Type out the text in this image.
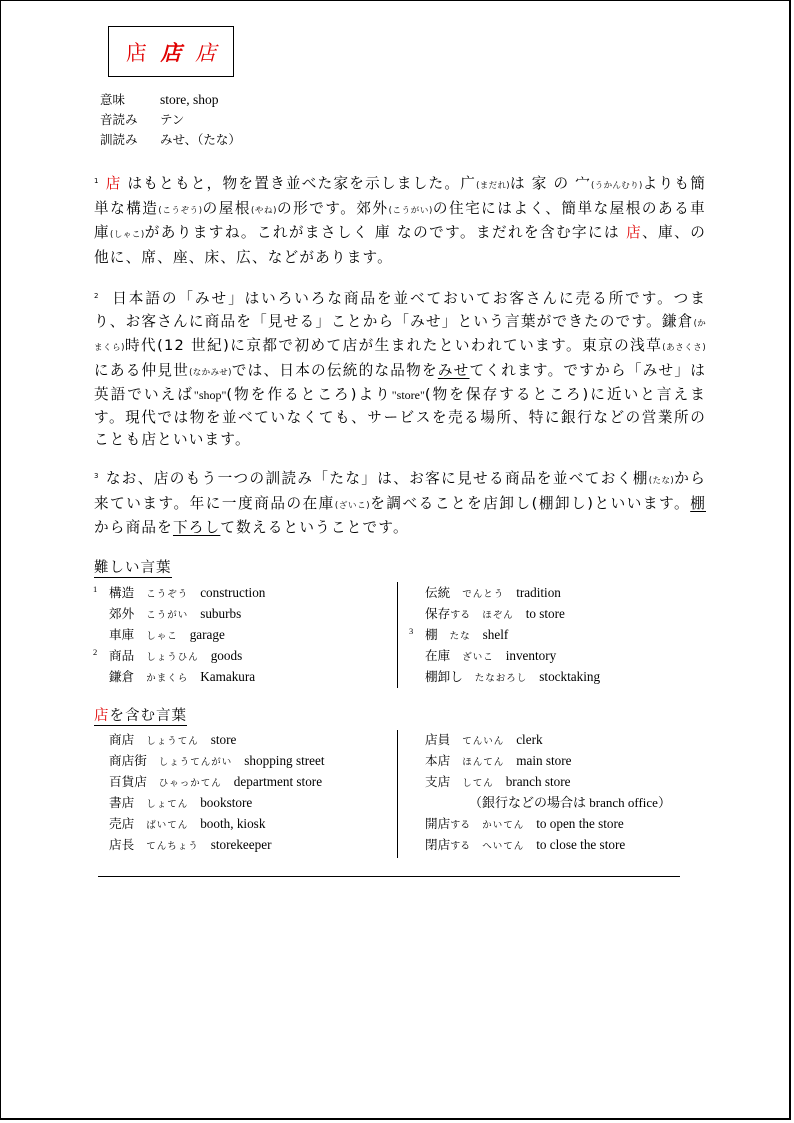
店 店 店
意味	store, shop
音読み	テン
訓読み	みせ、（たな）
$^1$ 店 はもともと，物を置き並べた家を示しました。广(まだれ)は 家 の 宀(うかんむり)よりも簡単な構造(こうぞう)の屋根(やね)の形です。郊外(こうがい)の住宅にはよく、簡単な屋根のある車庫(しゃこ)がありますね。これがまさしく 庫 なのです。まだれを含む字には 店、庫、の他に、席、座、床、広、などがあります。
$^2$ 日本語の「みせ」はいろいろな商品を並べておいてお客さんに売る所です。つまり、お客さんに商品を「見せる」ことから「みせ」という言葉ができたのです。鎌倉(かまくら)時代(12 世紀)に京都で初めて店が生まれたといわれています。東京の浅草(あさくさ)にある仲見世(なかみせ)では、日本の伝統的な品物をみせてくれます。ですから「みせ」は英語でいえば"shop"(物を作るところ)より"store"(物を保存するところ)に近いと言えます。現代では物を並べていなくても、サービスを売る場所、特に銀行などの営業所のことも店といいます。
$^3$ なお、店のもう一つの訓読み「たな」は、お客に見せる商品を並べておく棚(たな)から来ています。年に一度商品の在庫(ざいこ)を調べることを店卸し(棚卸し)といいます。棚から商品を下ろして数えるということです。
難しい言葉
1 構造 こうぞう construction
郊外 こうがい suburbs
車庫 しゃこ garage
2 商品 しょうひん goods
鎌倉 かまくら Kamakura
伝統 でんとう tradition
保存する ほぞん to store
3 棚 たな shelf
在庫 ざいこ inventory
棚卸し たなおろし stocktaking
店を含む言葉
商店 しょうてん store
商店街 しょうてんがい shopping street
百貨店 ひゃっかてん department store
書店 しょてん bookstore
売店 ばいてん booth, kiosk
店長 てんちょう storekeeper
店員 てんいん clerk
本店 ほんてん main store
支店 してん branch store
（銀行などの場合は branch office）
開店する かいてん to open the store
閉店する へいてん to close the store
